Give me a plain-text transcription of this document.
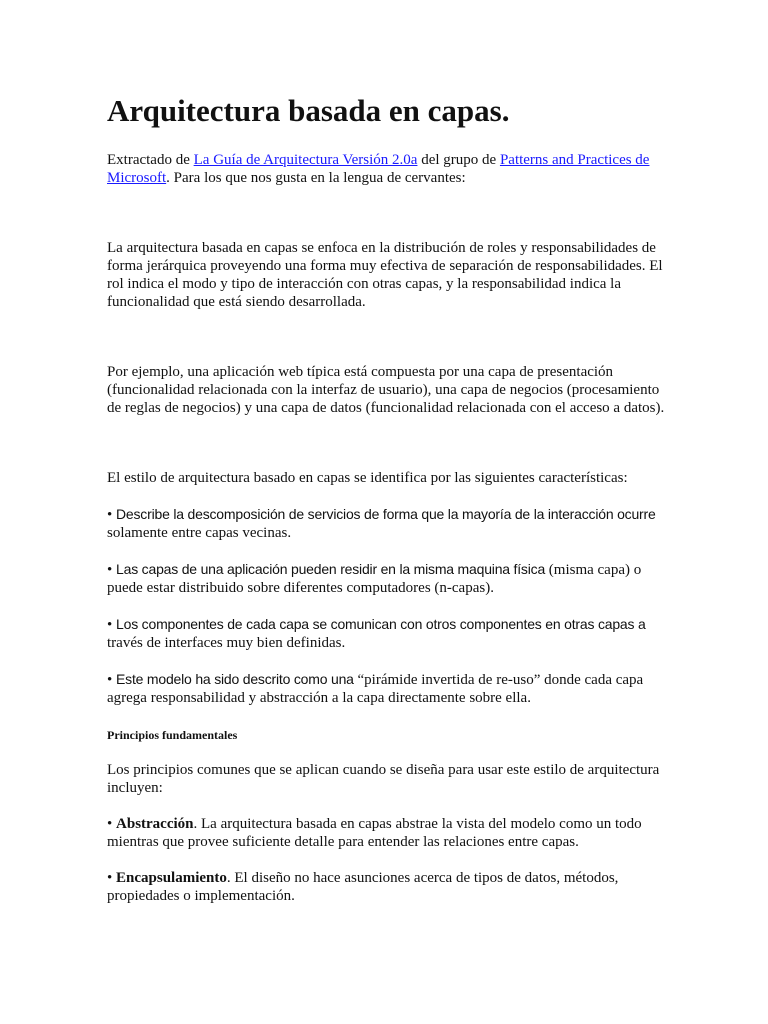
Arquitectura basada en capas.

Extractado de La Guía de Arquitectura Versión 2.0a del grupo de Patterns and Practices de Microsoft. Para los que nos gusta en la lengua de cervantes:

La arquitectura basada en capas se enfoca en la distribución de roles y responsabilidades de forma jerárquica proveyendo una forma muy efectiva de separación de responsabilidades. El rol indica el modo y tipo de interacción con otras capas, y la responsabilidad indica la funcionalidad que está siendo desarrollada.

Por ejemplo, una aplicación web típica está compuesta por una capa de presentación (funcionalidad relacionada con la interfaz de usuario), una capa de negocios (procesamiento de reglas de negocios) y una capa de datos (funcionalidad relacionada con el acceso a datos).

El estilo de arquitectura basado en capas se identifica por las siguientes características:

• Describe la descomposición de servicios de forma que la mayoría de la interacción ocurre solamente entre capas vecinas.

• Las capas de una aplicación pueden residir en la misma maquina física (misma capa) o puede estar distribuido sobre diferentes computadores (n-capas).

• Los componentes de cada capa se comunican con otros componentes en otras capas a través de interfaces muy bien definidas.

• Este modelo ha sido descrito como una “pirámide invertida de re-uso” donde cada capa agrega responsabilidad y abstracción a la capa directamente sobre ella.

Principios fundamentales

Los principios comunes que se aplican cuando se diseña para usar este estilo de arquitectura incluyen:

• Abstracción. La arquitectura basada en capas abstrae la vista del modelo como un todo mientras que provee suficiente detalle para entender las relaciones entre capas.

• Encapsulamiento. El diseño no hace asunciones acerca de tipos de datos, métodos, propiedades o implementación.
